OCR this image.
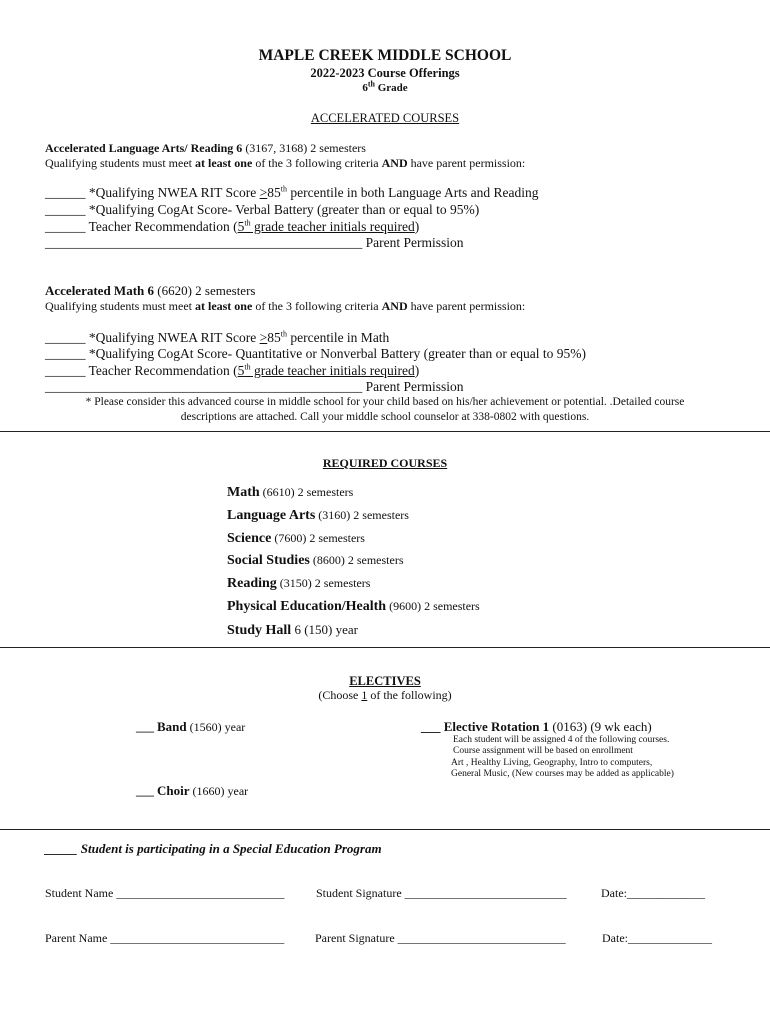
MAPLE CREEK MIDDLE SCHOOL
2022-2023 Course Offerings
6th Grade
ACCELERATED COURSES
Accelerated Language Arts/ Reading 6 (3167, 3168) 2 semesters
Qualifying students must meet at least one of the 3 following criteria AND have parent permission:
______ *Qualifying NWEA RIT Score >85th percentile in both Language Arts and Reading
______ *Qualifying CogAt Score- Verbal Battery (greater than or equal to 95%)
______ Teacher Recommendation (5th grade teacher initials required)
_______________________________________________ Parent Permission
Accelerated Math 6 (6620) 2 semesters
Qualifying students must meet at least one of the 3 following criteria AND have parent permission:
______ *Qualifying NWEA RIT Score >85th percentile in Math
______ *Qualifying CogAt Score- Quantitative or Nonverbal Battery (greater than or equal to 95%)
______ Teacher Recommendation (5th grade teacher initials required)
_______________________________________________ Parent Permission
* Please consider this advanced course in middle school for your child based on his/her achievement or potential. .Detailed course
descriptions are attached. Call your middle school counselor at 338-0802 with questions.
REQUIRED COURSES
Math (6610) 2 semesters
Language Arts (3160) 2 semesters
Science (7600) 2 semesters
Social Studies (8600) 2 semesters
Reading (3150) 2 semesters
Physical Education/Health (9600) 2 semesters
Study Hall 6 (150) year
ELECTIVES
(Choose 1 of the following)
___ Band (1560) year
___ Choir (1660) year
___ Elective Rotation 1 (0163) (9 wk each)
Each student will be assigned 4 of the following courses.
Course assignment will be based on enrollment
Art , Healthy Living, Geography, Intro to computers,
General Music, (New courses may be added as applicable)
_____ Student is participating in a Special Education Program
Student Name ____________________________	Student Signature ___________________________	Date:_____________
Parent Name _____________________________	Parent Signature ____________________________	Date:______________
